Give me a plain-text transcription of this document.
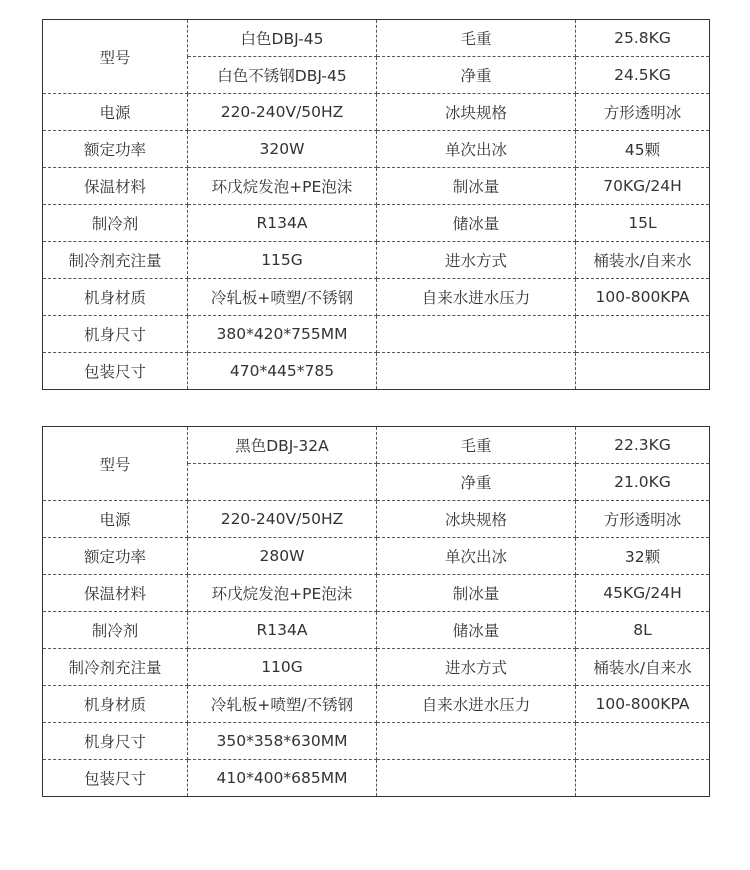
型号	白色DBJ-45	毛重	25.8KG
	白色不锈钢DBJ-45	净重	24.5KG
电源	220-240V/50HZ	冰块规格	方形透明冰
额定功率	320W	单次出冰	45颗
保温材料	环戊烷发泡+PE泡沫	制冰量	70KG/24H
制冷剂	R134A	储冰量	15L
制冷剂充注量	115G	进水方式	桶装水/自来水
机身材质	冷轧板+喷塑/不锈钢	自来水进水压力	100-800KPA
机身尺寸	380*420*755MM		
包装尺寸	470*445*785		
型号	黑色DBJ-32A	毛重	22.3KG
		净重	21.0KG
电源	220-240V/50HZ	冰块规格	方形透明冰
额定功率	280W	单次出冰	32颗
保温材料	环戊烷发泡+PE泡沫	制冰量	45KG/24H
制冷剂	R134A	储冰量	8L
制冷剂充注量	110G	进水方式	桶装水/自来水
机身材质	冷轧板+喷塑/不锈钢	自来水进水压力	100-800KPA
机身尺寸	350*358*630MM		
包装尺寸	410*400*685MM		
